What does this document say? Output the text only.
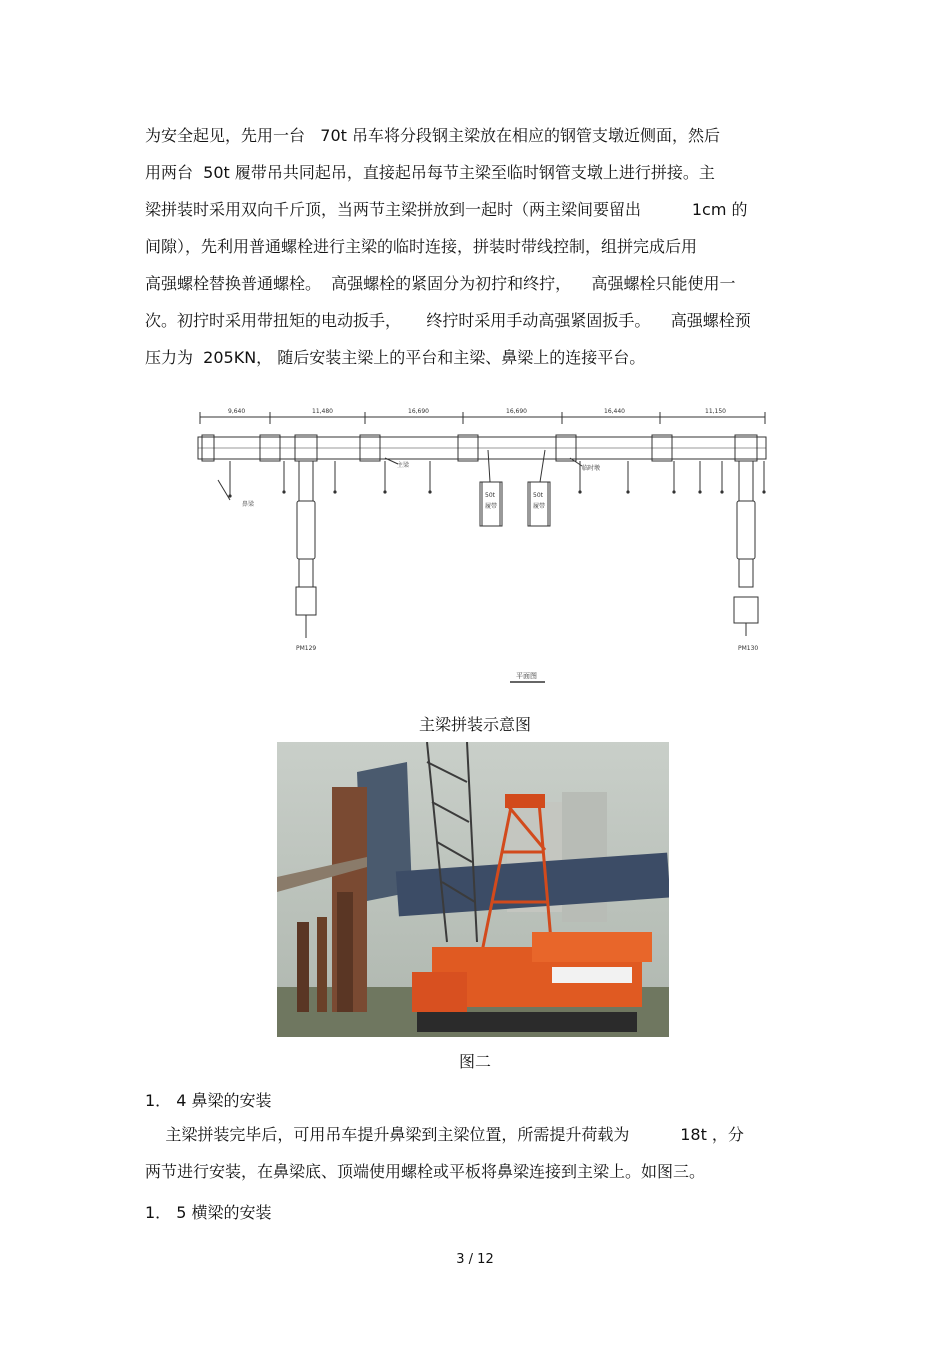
为安全起见，先用一台   70t 吊车将分段钢主梁放在相应的钢管支墩近侧面，然后
用两台  50t 履带吊共同起吊，直接起吊每节主梁至临时钢管支墩上进行拼接。主
梁拼装时采用双向千斤顶，当两节主梁拼放到一起时（两主梁间要留出          1cm 的
间隙），先利用普通螺栓进行主梁的临时连接，拼装时带线控制，组拼完成后用
高强螺栓替换普通螺栓。  高强螺栓的紧固分为初拧和终拧，    高强螺栓只能使用一
次。初拧时采用带扭矩的电动扳手，     终拧时采用手动高强紧固扳手。    高强螺栓预
压力为  205KN， 随后安装主梁上的平台和主梁、鼻梁上的连接平台。
9,640	11,480	16,690	16,690	16,440	11,150
主梁	临时墩
鼻梁
50t
履带
50t
履带
PM129	PM130
平面图
主梁拼装示意图
图二
1． 4 鼻梁的安装
主梁拼装完毕后，可用吊车提升鼻梁到主梁位置，所需提升荷载为          18t ，分
两节进行安装，在鼻梁底、顶端使用螺栓或平板将鼻梁连接到主梁上。如图三。
1． 5 横梁的安装
3 / 12
